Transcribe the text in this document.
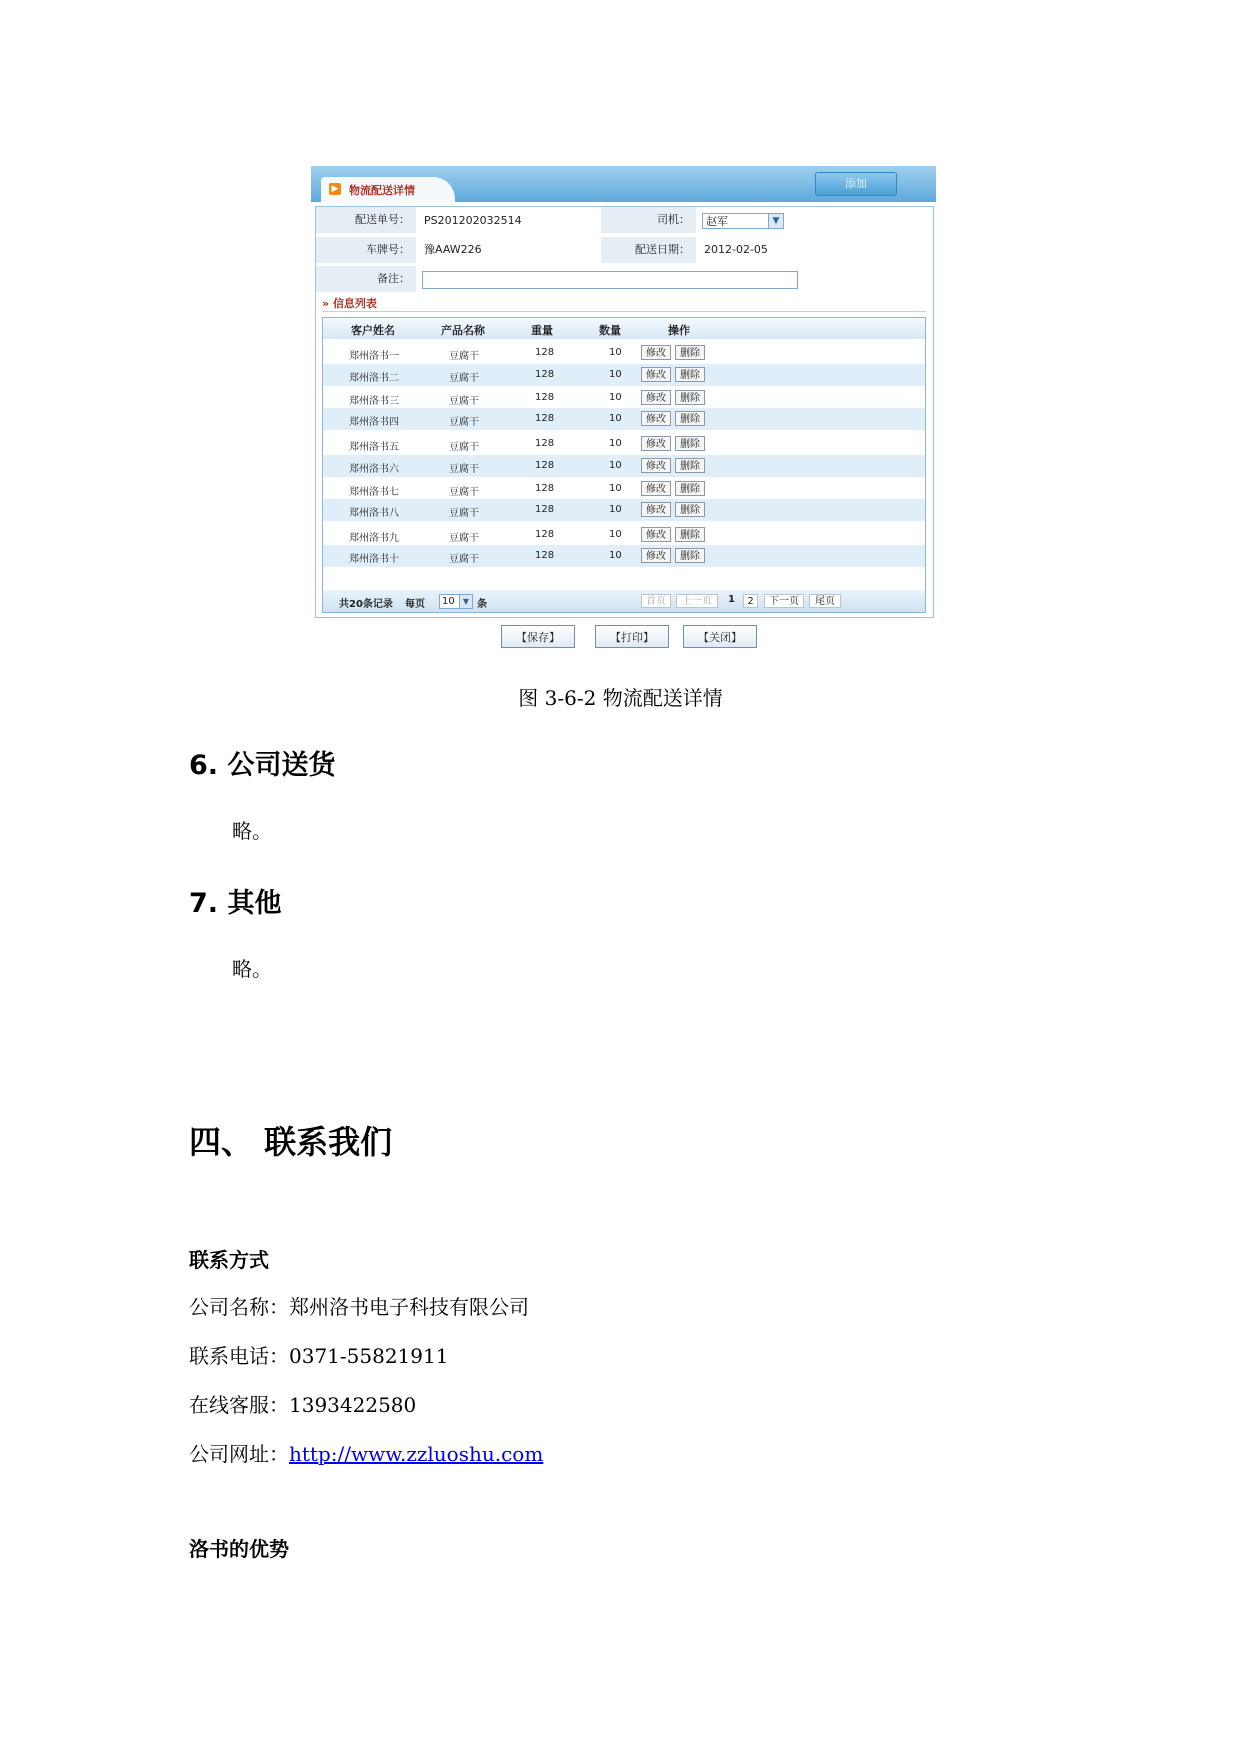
▶ 物流配送详情
添加
配送单号：	PS201202032514	司机：	赵军	▼
车牌号：	豫AAW226	配送日期：	2012-02-05
备注：
» 信息列表
客户姓名	产品名称	重量	数量	操作
郑州洛书一	豆腐干	128	10	修改	删除
郑州洛书二	豆腐干	128	10	修改	删除
郑州洛书三	豆腐干	128	10	修改	删除
郑州洛书四	豆腐干	128	10	修改	删除
郑州洛书五	豆腐干	128	10	修改	删除
郑州洛书六	豆腐干	128	10	修改	删除
郑州洛书七	豆腐干	128	10	修改	删除
郑州洛书八	豆腐干	128	10	修改	删除
郑州洛书九	豆腐干	128	10	修改	删除
郑州洛书十	豆腐干	128	10	修改	删除
共20条记录 每页	10	▼ 条	首页	上一页	1	2	下一页	尾页
【保存】	【打印】	【关闭】
图 3-6-2 物流配送详情
6. 公司送货
略。
7. 其他
略。
四、 联系我们
联系方式
公司名称：郑州洛书电子科技有限公司
联系电话：0371-55821911
在线客服：1393422580
公司网址：http://www.zzluoshu.com
洛书的优势
